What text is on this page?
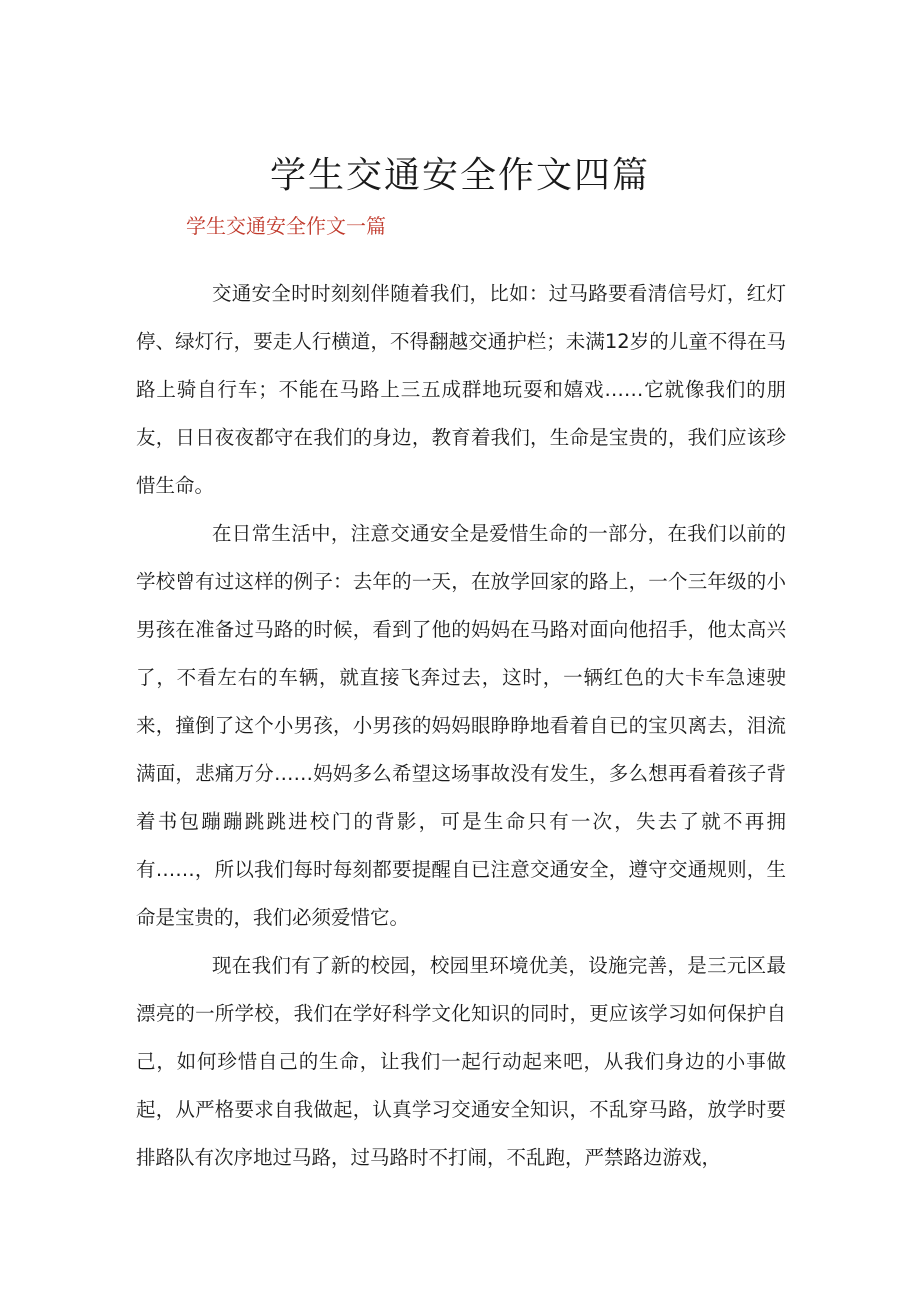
学生交通安全作文四篇
学生交通安全作文一篇

交通安全时时刻刻伴随着我们，比如：过马路要看清信号灯，红灯停、绿灯行，要走人行横道，不得翻越交通护栏；未满12岁的儿童不得在马路上骑自行车；不能在马路上三五成群地玩耍和嬉戏……它就像我们的朋友，日日夜夜都守在我们的身边，教育着我们，生命是宝贵的，我们应该珍惜生命。

在日常生活中，注意交通安全是爱惜生命的一部分，在我们以前的学校曾有过这样的例子：去年的一天，在放学回家的路上，一个三年级的小男孩在准备过马路的时候，看到了他的妈妈在马路对面向他招手，他太高兴了，不看左右的车辆，就直接飞奔过去，这时，一辆红色的大卡车急速驶来，撞倒了这个小男孩，小男孩的妈妈眼睁睁地看着自已的宝贝离去，泪流满面，悲痛万分……妈妈多么希望这场事故没有发生，多么想再看着孩子背着书包蹦蹦跳跳进校门的背影，可是生命只有一次，失去了就不再拥有……，所以我们每时每刻都要提醒自已注意交通安全，遵守交通规则，生命是宝贵的，我们必须爱惜它。

现在我们有了新的校园，校园里环境优美，设施完善，是三元区最漂亮的一所学校，我们在学好科学文化知识的同时，更应该学习如何保护自己，如何珍惜自己的生命，让我们一起行动起来吧，从我们身边的小事做起，从严格要求自我做起，认真学习交通安全知识，不乱穿马路，放学时要排路队有次序地过马路，过马路时不打闹，不乱跑，严禁路边游戏，
